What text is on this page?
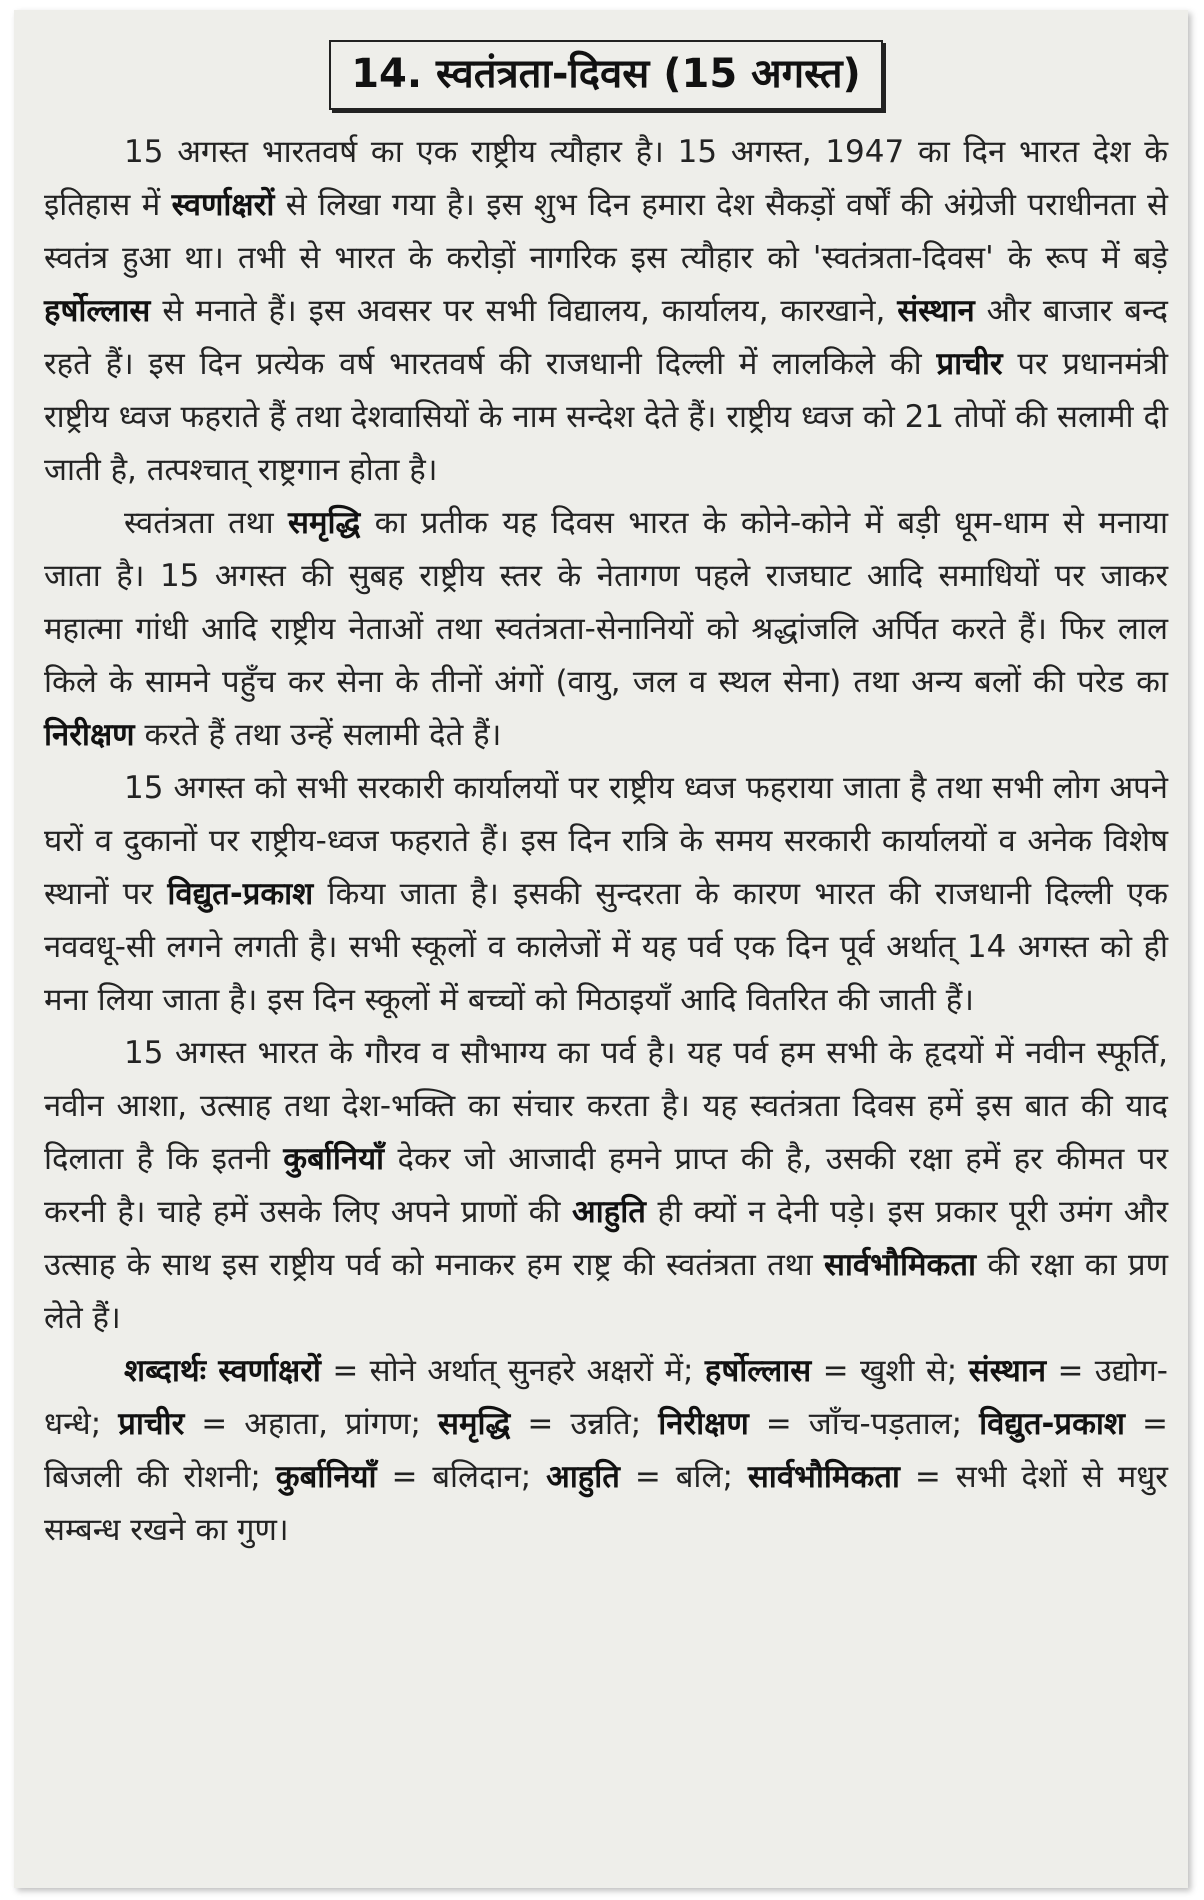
14. स्वतंत्रता-दिवस (15 अगस्त)

15 अगस्त भारतवर्ष का एक राष्ट्रीय त्यौहार है। 15 अगस्त, 1947 का दिन भारत देश के इतिहास में स्वर्णाक्षरों से लिखा गया है। इस शुभ दिन हमारा देश सैकड़ों वर्षों की अंग्रेजी पराधीनता से स्वतंत्र हुआ था। तभी से भारत के करोड़ों नागरिक इस त्यौहार को 'स्वतंत्रता-दिवस' के रूप में बड़े हर्षोल्लास से मनाते हैं। इस अवसर पर सभी विद्यालय, कार्यालय, कारखाने, संस्थान और बाजार बन्द रहते हैं। इस दिन प्रत्येक वर्ष भारतवर्ष की राजधानी दिल्ली में लालकिले की प्राचीर पर प्रधानमंत्री राष्ट्रीय ध्वज फहराते हैं तथा देशवासियों के नाम सन्देश देते हैं। राष्ट्रीय ध्वज को 21 तोपों की सलामी दी जाती है, तत्पश्चात् राष्ट्रगान होता है।

स्वतंत्रता तथा समृद्धि का प्रतीक यह दिवस भारत के कोने-कोने में बड़ी धूम-धाम से मनाया जाता है। 15 अगस्त की सुबह राष्ट्रीय स्तर के नेतागण पहले राजघाट आदि समाधियों पर जाकर महात्मा गांधी आदि राष्ट्रीय नेताओं तथा स्वतंत्रता-सेनानियों को श्रद्धांजलि अर्पित करते हैं। फिर लाल किले के सामने पहुँच कर सेना के तीनों अंगों (वायु, जल व स्थल सेना) तथा अन्य बलों की परेड का निरीक्षण करते हैं तथा उन्हें सलामी देते हैं।

15 अगस्त को सभी सरकारी कार्यालयों पर राष्ट्रीय ध्वज फहराया जाता है तथा सभी लोग अपने घरों व दुकानों पर राष्ट्रीय-ध्वज फहराते हैं। इस दिन रात्रि के समय सरकारी कार्यालयों व अनेक विशेष स्थानों पर विद्युत-प्रकाश किया जाता है। इसकी सुन्दरता के कारण भारत की राजधानी दिल्ली एक नववधू-सी लगने लगती है। सभी स्कूलों व कालेजों में यह पर्व एक दिन पूर्व अर्थात् 14 अगस्त को ही मना लिया जाता है। इस दिन स्कूलों में बच्चों को मिठाइयाँ आदि वितरित की जाती हैं।

15 अगस्त भारत के गौरव व सौभाग्य का पर्व है। यह पर्व हम सभी के हृदयों में नवीन स्फूर्ति, नवीन आशा, उत्साह तथा देश-भक्ति का संचार करता है। यह स्वतंत्रता दिवस हमें इस बात की याद दिलाता है कि इतनी कुर्बानियाँ देकर जो आजादी हमने प्राप्त की है, उसकी रक्षा हमें हर कीमत पर करनी है। चाहे हमें उसके लिए अपने प्राणों की आहुति ही क्यों न देनी पड़े। इस प्रकार पूरी उमंग और उत्साह के साथ इस राष्ट्रीय पर्व को मनाकर हम राष्ट्र की स्वतंत्रता तथा सार्वभौमिकता की रक्षा का प्रण लेते हैं।

शब्दार्थः स्वर्णाक्षरों = सोने अर्थात् सुनहरे अक्षरों में; हर्षोल्लास = खुशी से; संस्थान = उद्योग-धन्धे; प्राचीर = अहाता, प्रांगण; समृद्धि = उन्नति; निरीक्षण = जाँच-पड़ताल; विद्युत-प्रकाश = बिजली की रोशनी; कुर्बानियाँ = बलिदान; आहुति = बलि; सार्वभौमिकता = सभी देशों से मधुर सम्बन्ध रखने का गुण।
